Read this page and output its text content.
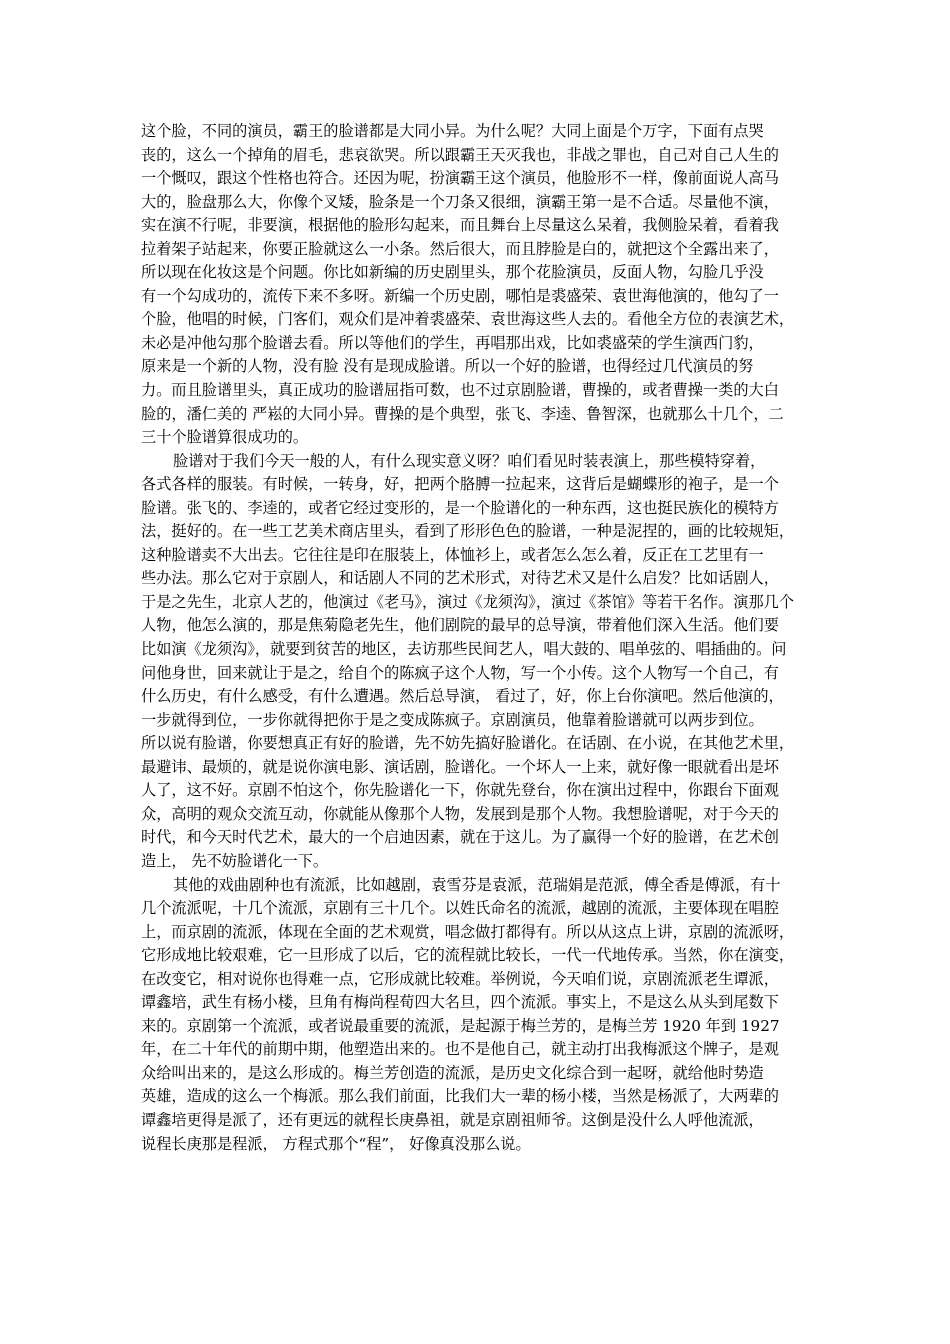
这个脸，不同的演员，霸王的脸谱都是大同小异。为什么呢？大同上面是个万字，下面有点哭
丧的，这么一个掉角的眉毛，悲哀欲哭。所以跟霸王天灭我也，非战之罪也，自己对自己人生的
一个慨叹，跟这个性格也符合。还因为呢，扮演霸王这个演员，他脸形不一样，像前面说人高马
大的，脸盘那么大，你像个叉矮，脸条是一个刀条又很细，演霸王第一是不合适。尽量他不演，
实在演不行呢，非要演，根据他的脸形勾起来，而且舞台上尽量这么呆着，我侧脸呆着，看着我
拉着架子站起来，你要正脸就这么一小条。然后很大，而且脖脸是白的，就把这个全露出来了，
所以现在化妆这是个问题。你比如新编的历史剧里头，那个花脸演员，反面人物，勾脸几乎没
有一个勾成功的，流传下来不多呀。新编一个历史剧，哪怕是裘盛荣、袁世海他演的，他勾了一
个脸，他唱的时候，门客们，观众们是冲着裘盛荣、袁世海这些人去的。看他全方位的表演艺术，
未必是冲他勾那个脸谱去看。所以等他们的学生，再唱那出戏，比如裘盛荣的学生演西门豹，
原来是一个新的人物，没有脸 没有是现成脸谱。所以一个好的脸谱，也得经过几代演员的努
力。而且脸谱里头，真正成功的脸谱屈指可数，也不过京剧脸谱，曹操的，或者曹操一类的大白
脸的，潘仁美的 严崧的大同小异。曹操的是个典型，张飞、李逵、鲁智深，也就那么十几个，二
三十个脸谱算很成功的。
脸谱对于我们今天一般的人，有什么现实意义呀？咱们看见时装表演上，那些模特穿着，
各式各样的服装。有时候，一转身，好，把两个胳膊一拉起来，这背后是蝴蝶形的袍子，是一个
脸谱。张飞的、李逵的，或者它经过变形的，是一个脸谱化的一种东西，这也挺民族化的模特方
法，挺好的。在一些工艺美术商店里头，看到了形形色色的脸谱，一种是泥捏的，画的比较规矩，
这种脸谱卖不大出去。它往往是印在服装上，体恤衫上，或者怎么怎么着，反正在工艺里有一
些办法。那么它对于京剧人，和话剧人不同的艺术形式，对待艺术又是什么启发？比如话剧人，
于是之先生，北京人艺的，他演过《老马》，演过《龙须沟》，演过《茶馆》等若干名作。演那几个
人物，他怎么演的，那是焦菊隐老先生，他们剧院的最早的总导演，带着他们深入生活。他们要
比如演《龙须沟》，就要到贫苦的地区，去访那些民间艺人，唱大鼓的、唱单弦的、唱插曲的。问
问他身世，回来就让于是之，给自个的陈疯子这个人物，写一个小传。这个人物写一个自己，有
什么历史，有什么感受，有什么遭遇。然后总导演， 看过了，好，你上台你演吧。然后他演的，
一步就得到位，一步你就得把你于是之变成陈疯子。京剧演员，他靠着脸谱就可以两步到位。
所以说有脸谱，你要想真正有好的脸谱，先不妨先搞好脸谱化。在话剧、在小说，在其他艺术里，
最避讳、最烦的，就是说你演电影、演话剧，脸谱化。一个坏人一上来，就好像一眼就看出是坏
人了，这不好。京剧不怕这个，你先脸谱化一下，你就先登台，你在演出过程中，你跟台下面观
众，高明的观众交流互动，你就能从像那个人物，发展到是那个人物。我想脸谱呢，对于今天的
时代，和今天时代艺术，最大的一个启迪因素，就在于这儿。为了赢得一个好的脸谱，在艺术创
造上， 先不妨脸谱化一下。
其他的戏曲剧种也有流派，比如越剧，袁雪芬是袁派，范瑞娟是范派，傅全香是傅派，有十
几个流派呢，十几个流派，京剧有三十几个。以姓氏命名的流派，越剧的流派，主要体现在唱腔
上，而京剧的流派，体现在全面的艺术观赏，唱念做打都得有。所以从这点上讲，京剧的流派呀，
它形成地比较艰难，它一旦形成了以后，它的流程就比较长，一代一代地传承。当然，你在演变，
在改变它，相对说你也得难一点，它形成就比较难。举例说，今天咱们说，京剧流派老生谭派，
谭鑫培，武生有杨小楼，旦角有梅尚程荀四大名旦，四个流派。事实上，不是这么从头到尾数下
来的。京剧第一个流派，或者说最重要的流派，是起源于梅兰芳的，是梅兰芳 1920 年到 1927
年，在二十年代的前期中期，他塑造出来的。也不是他自己，就主动打出我梅派这个牌子，是观
众给叫出来的，是这么形成的。梅兰芳创造的流派，是历史文化综合到一起呀，就给他时势造
英雄，造成的这么一个梅派。那么我们前面，比我们大一辈的杨小楼，当然是杨派了，大两辈的
谭鑫培更得是派了，还有更远的就程长庚鼻祖，就是京剧祖师爷。这倒是没什么人呼他流派，
说程长庚那是程派， 方程式那个“程”， 好像真没那么说。
